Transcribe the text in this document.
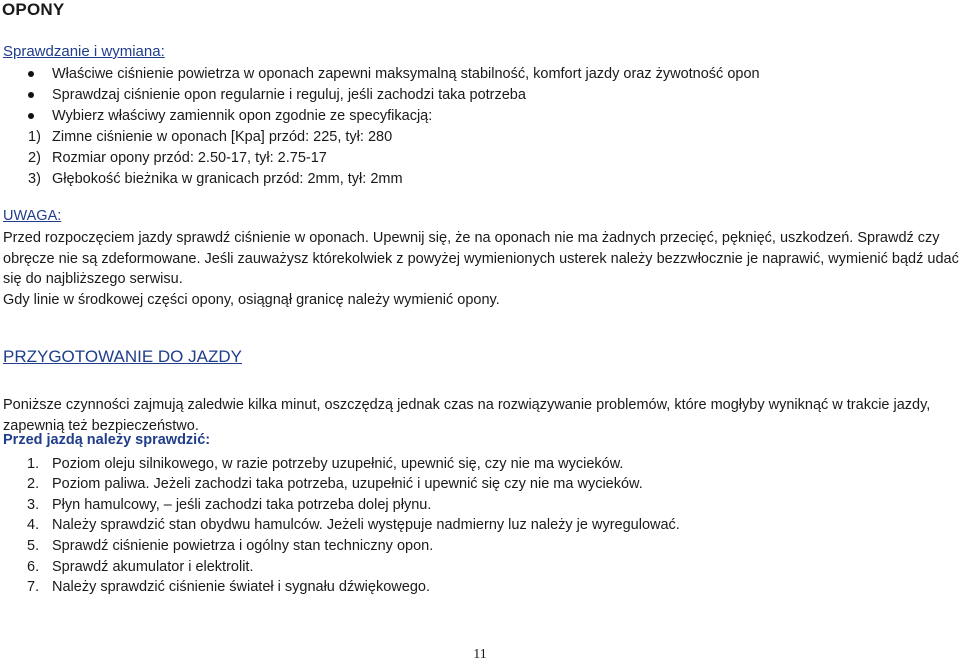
OPONY
Sprawdzanie i wymiana:
Właściwe ciśnienie powietrza w oponach zapewni maksymalną stabilność, komfort jazdy oraz żywotność opon
Sprawdzaj ciśnienie opon regularnie i reguluj, jeśli zachodzi taka potrzeba
Wybierz właściwy zamiennik opon zgodnie ze specyfikacją:
1) Zimne ciśnienie w oponach [Kpa] przód: 225, tył: 280
2) Rozmiar opony przód: 2.50-17, tył: 2.75-17
3) Głębokość bieżnika w granicach przód: 2mm, tył: 2mm
UWAGA:

Przed rozpoczęciem jazdy sprawdź ciśnienie w oponach. Upewnij się, że na oponach nie ma żadnych przecięć, pęknięć, uszkodzeń. Sprawdź czy obręcze nie są zdeformowane. Jeśli zauważysz którekolwiek z powyżej wymienionych usterek należy bezzwłocznie je naprawić, wymienić bądź udać się do najbliższego serwisu.

Gdy linie w środkowej części opony, osiągnął granicę należy wymienić opony.

PRZYGOTOWANIE DO JAZDY

Poniższe czynności zajmują zaledwie kilka minut, oszczędzą jednak czas na rozwiązywanie problemów, które mogłyby wyniknąć w trakcie jazdy, zapewnią też bezpieczeństwo.

Przed jazdą należy sprawdzić:
1. Poziom oleju silnikowego, w razie potrzeby uzupełnić, upewnić się, czy nie ma wycieków.
2. Poziom paliwa. Jeżeli zachodzi taka potrzeba, uzupełnić i upewnić się czy nie ma wycieków.
3. Płyn hamulcowy, – jeśli zachodzi taka potrzeba dolej płynu.
4. Należy sprawdzić stan obydwu hamulców. Jeżeli występuje nadmierny luz należy je wyregulować.
5. Sprawdź ciśnienie powietrza i ogólny stan techniczny opon.
6. Sprawdź akumulator i elektrolit.
7. Należy sprawdzić ciśnienie świateł i sygnału dźwiękowego.
11
